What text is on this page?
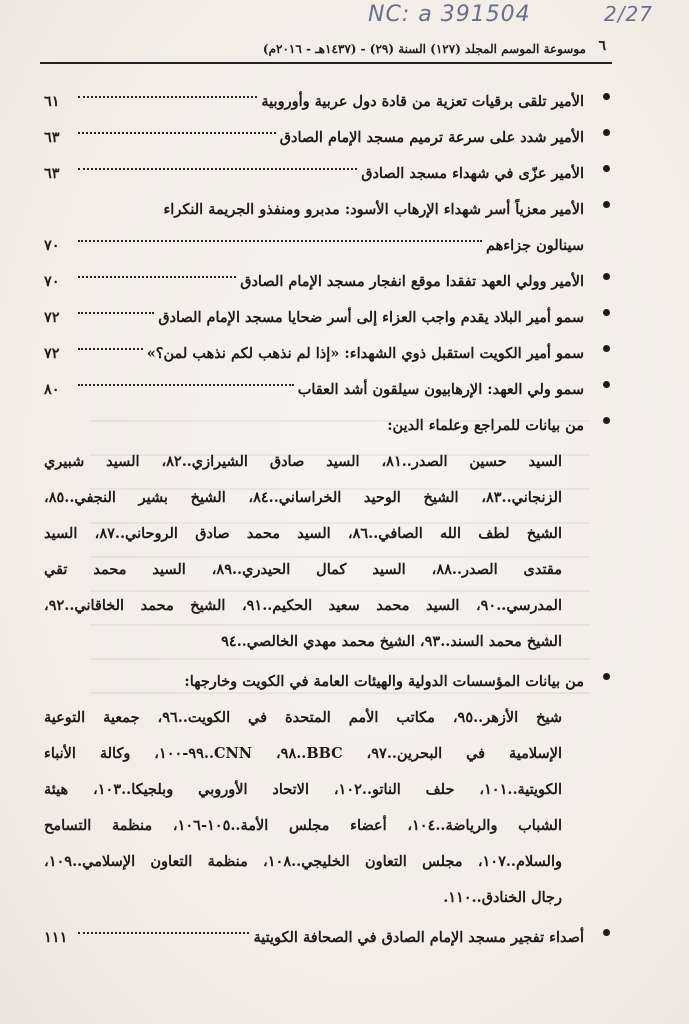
NC: a 391504	2/27
٦
موسوعة الموسم المجلد (١٢٧) السنة (٢٩) - (١٤٣٧هـ - ٢٠١٦م)
الأمير تلقى برقيات تعزية من قادة دول عربية وأوروبية
٦١
الأمير شدد على سرعة ترميم مسجد الإمام الصادق
٦٣
الأمير عزّى في شهداء مسجد الصادق
٦٣
الأمير معزياً أسر شهداء الإرهاب الأسود: مدبرو ومنفذو الجريمة النكراء
سينالون جزاءهم
٧٠
الأمير وولي العهد تفقدا موقع انفجار مسجد الإمام الصادق
٧٠
سمو أمير البلاد يقدم واجب العزاء إلى أسر ضحايا مسجد الإمام الصادق
٧٢
سمو أمير الكويت استقبل ذوي الشهداء: «إذا لم نذهب لكم نذهب لمن؟»
٧٢
سمو ولي العهد: الإرهابيون سيلقون أشد العقاب
٨٠
من بيانات للمراجع وعلماء الدين:
السيد حسين الصدر..٨١، السيد صادق الشيرازي..٨٢، السيد شبيري
الزنجاني..٨٣، الشيخ الوحيد الخراساني..٨٤، الشيخ بشير النجفي..٨٥،
الشيخ لطف الله الصافي..٨٦، السيد محمد صادق الروحاني..٨٧، السيد
مقتدى الصدر..٨٨، السيد كمال الحيدري..٨٩، السيد محمد تقي
المدرسي..٩٠، السيد محمد سعيد الحكيم..٩١، الشيخ محمد الخاقاني..٩٢،
الشيخ محمد السند..٩٣، الشيخ محمد مهدي الخالصي..٩٤
من بيانات المؤسسات الدولية والهيئات العامة في الكويت وخارجها:
شيخ الأزهر..٩٥، مكاتب الأمم المتحدة في الكويت..٩٦، جمعية التوعية
الإسلامية في البحرين..٩٧، BBC..٩٨، CNN..٩٩-١٠٠، وكالة الأنباء
الكويتية..١٠١، حلف الناتو..١٠٢، الاتحاد الأوروبي وبلجيكا..١٠٣، هيئة
الشباب والرياضة..١٠٤، أعضاء مجلس الأمة..١٠٥-١٠٦، منظمة التسامح
والسلام..١٠٧، مجلس التعاون الخليجي..١٠٨، منظمة التعاون الإسلامي..١٠٩،
رجال الخنادق..١١٠.
أصداء تفجير مسجد الإمام الصادق في الصحافة الكويتية
١١١
